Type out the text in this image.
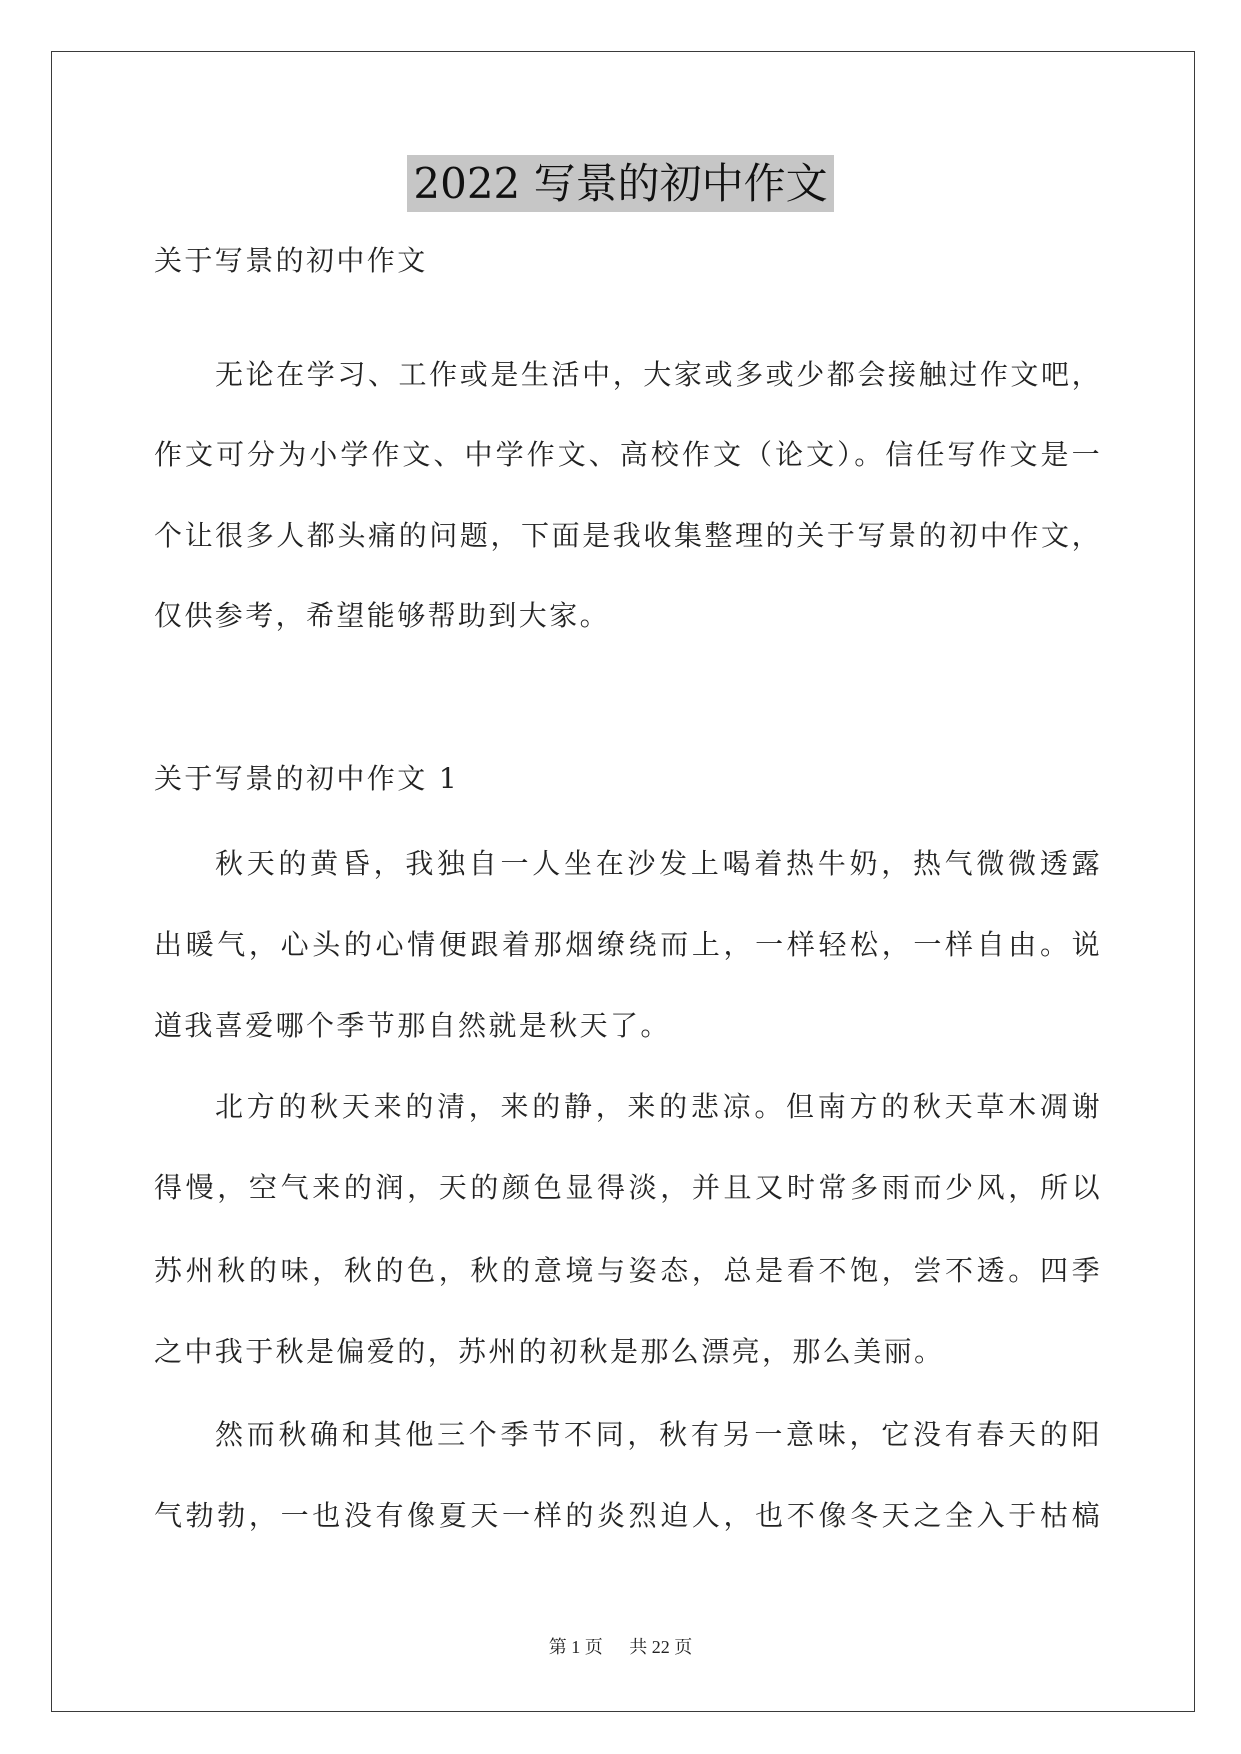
2022 写景的初中作文
关于写景的初中作文
无论在学习、工作或是生活中，大家或多或少都会接触过作文吧，
作文可分为小学作文、中学作文、高校作文（论文）。信任写作文是一
个让很多人都头痛的问题，下面是我收集整理的关于写景的初中作文，
仅供参考，希望能够帮助到大家。
关于写景的初中作文 1
秋天的黄昏，我独自一人坐在沙发上喝着热牛奶，热气微微透露
出暖气，心头的心情便跟着那烟缭绕而上，一样轻松，一样自由。说
道我喜爱哪个季节那自然就是秋天了。
北方的秋天来的清，来的静，来的悲凉。但南方的秋天草木凋谢
得慢，空气来的润，天的颜色显得淡，并且又时常多雨而少风，所以
苏州秋的味，秋的色，秋的意境与姿态，总是看不饱，尝不透。四季
之中我于秋是偏爱的，苏州的初秋是那么漂亮，那么美丽。
然而秋确和其他三个季节不同，秋有另一意味，它没有春天的阳
气勃勃，一也没有像夏天一样的炎烈迫人，也不像冬天之全入于枯槁
第 1 页 共 22 页
